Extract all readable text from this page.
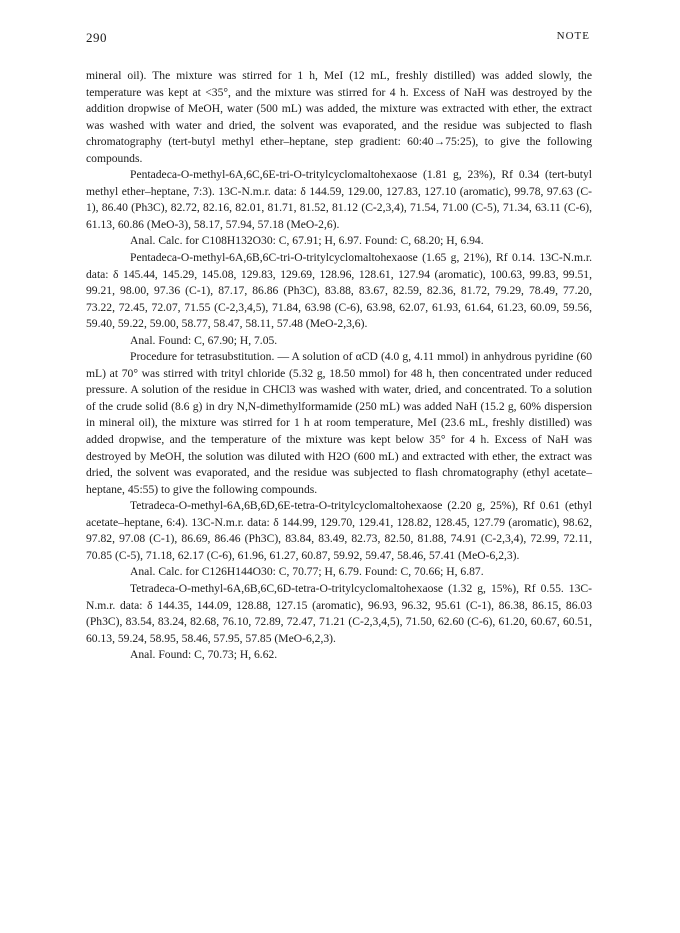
290	NOTE

mineral oil). The mixture was stirred for 1 h, MeI (12 mL, freshly distilled) was added slowly, the temperature was kept at <35°, and the mixture was stirred for 4 h. Excess of NaH was destroyed by the addition dropwise of MeOH, water (500 mL) was added, the mixture was extracted with ether, the extract was washed with water and dried, the solvent was evaporated, and the residue was subjected to flash chromatography (tert-butyl methyl ether–heptane, step gradient: 60:40→75:25), to give the following compounds.

Pentadeca-O-methyl-6A,6C,6E-tri-O-tritylcyclomaltohexaose (1.81 g, 23%), Rf 0.34 (tert-butyl methyl ether–heptane, 7:3). 13C-N.m.r. data: δ 144.59, 129.00, 127.83, 127.10 (aromatic), 99.78, 97.63 (C-1), 86.40 (Ph3C), 82.72, 82.16, 82.01, 81.71, 81.52, 81.12 (C-2,3,4), 71.54, 71.00 (C-5), 71.34, 63.11 (C-6), 61.13, 60.86 (MeO-3), 58.17, 57.94, 57.18 (MeO-2,6).

Anal. Calc. for C108H132O30: C, 67.91; H, 6.97. Found: C, 68.20; H, 6.94.

Pentadeca-O-methyl-6A,6B,6C-tri-O-tritylcyclomaltohexaose (1.65 g, 21%), Rf 0.14. 13C-N.m.r. data: δ 145.44, 145.29, 145.08, 129.83, 129.69, 128.96, 128.61, 127.94 (aromatic), 100.63, 99.83, 99.51, 99.21, 98.00, 97.36 (C-1), 87.17, 86.86 (Ph3C), 83.88, 83.67, 82.59, 82.36, 81.72, 79.29, 78.49, 77.20, 73.22, 72.45, 72.07, 71.55 (C-2,3,4,5), 71.84, 63.98 (C-6), 63.98, 62.07, 61.93, 61.64, 61.23, 60.09, 59.56, 59.40, 59.22, 59.00, 58.77, 58.47, 58.11, 57.48 (MeO-2,3,6).

Anal. Found: C, 67.90; H, 7.05.

Procedure for tetrasubstitution. — A solution of αCD (4.0 g, 4.11 mmol) in anhydrous pyridine (60 mL) at 70° was stirred with trityl chloride (5.32 g, 18.50 mmol) for 48 h, then concentrated under reduced pressure. A solution of the residue in CHCl3 was washed with water, dried, and concentrated. To a solution of the crude solid (8.6 g) in dry N,N-dimethylformamide (250 mL) was added NaH (15.2 g, 60% dispersion in mineral oil), the mixture was stirred for 1 h at room temperature, MeI (23.6 mL, freshly distilled) was added dropwise, and the temperature of the mixture was kept below 35° for 4 h. Excess of NaH was destroyed by MeOH, the solution was diluted with H2O (600 mL) and extracted with ether, the extract was dried, the solvent was evaporated, and the residue was subjected to flash chromatography (ethyl acetate–heptane, 45:55) to give the following compounds.

Tetradeca-O-methyl-6A,6B,6D,6E-tetra-O-tritylcyclomaltohexaose (2.20 g, 25%), Rf 0.61 (ethyl acetate–heptane, 6:4). 13C-N.m.r. data: δ 144.99, 129.70, 129.41, 128.82, 128.45, 127.79 (aromatic), 98.62, 97.82, 97.08 (C-1), 86.69, 86.46 (Ph3C), 83.84, 83.49, 82.73, 82.50, 81.88, 74.91 (C-2,3,4), 72.99, 72.11, 70.85 (C-5), 71.18, 62.17 (C-6), 61.96, 61.27, 60.87, 59.92, 59.47, 58.46, 57.41 (MeO-6,2,3).

Anal. Calc. for C126H144O30: C, 70.77; H, 6.79. Found: C, 70.66; H, 6.87.

Tetradeca-O-methyl-6A,6B,6C,6D-tetra-O-tritylcyclomaltohexaose (1.32 g, 15%), Rf 0.55. 13C-N.m.r. data: δ 144.35, 144.09, 128.88, 127.15 (aromatic), 96.93, 96.32, 95.61 (C-1), 86.38, 86.15, 86.03 (Ph3C), 83.54, 83.24, 82.68, 76.10, 72.89, 72.47, 71.21 (C-2,3,4,5), 71.50, 62.60 (C-6), 61.20, 60.67, 60.51, 60.13, 59.24, 58.95, 58.46, 57.95, 57.85 (MeO-6,2,3).

Anal. Found: C, 70.73; H, 6.62.
